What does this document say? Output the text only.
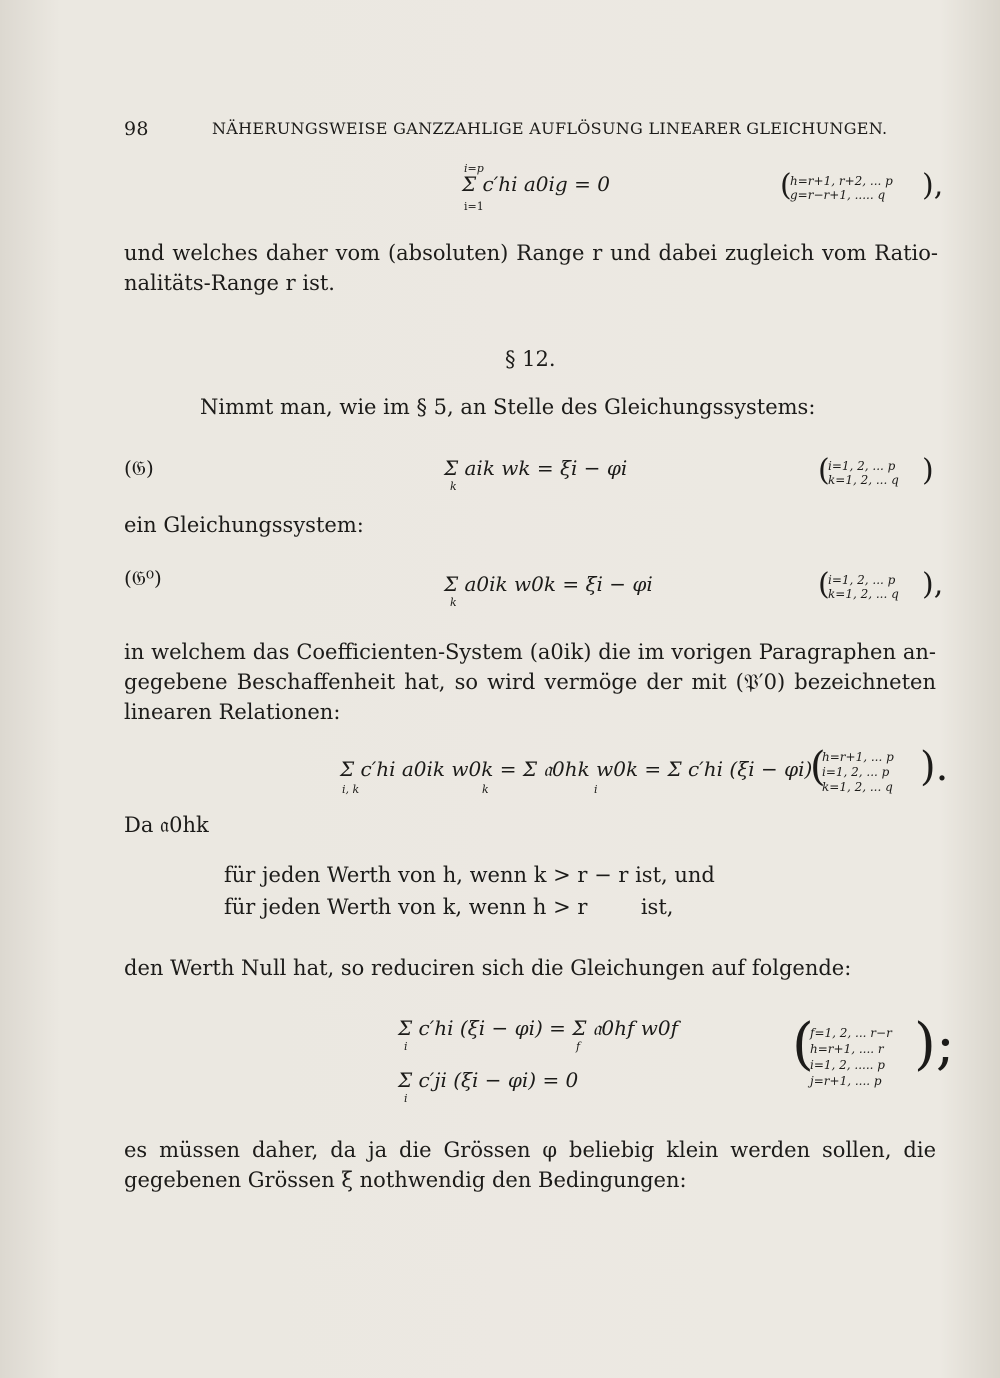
98	NÄHERUNGSWEISE GANZZAHLIGE AUFLÖSUNG LINEARER GLEICHUNGEN.
i=p
Σ c′hi a0ig = 0
i=1
(
h=r+1, r+2, ... p
g=r−r+1, ..... q ),
und welches daher vom (absoluten) Range r und dabei zugleich vom Ratio-
nalitäts-Range r ist.
§ 12.
Nimmt man, wie im § 5, an Stelle des Gleichungssystems:
(𝔊)	Σ aik wk = ξi − φi
k	(
i=1, 2, ... p
k=1, 2, ... q )
ein Gleichungssystem:
(𝔊⁰)	Σ a0ik w0k = ξi − φi
k
(
i=1, 2, ... p
k=1, 2, ... q ),
in welchem das Coefficienten-System (a0ik) die im vorigen Paragraphen an-
gegebene Beschaffenheit hat, so wird vermöge der mit (𝔓′0) bezeichneten
linearen Relationen:
Σ c′hi a0ik w0k = Σ 𝔞0hk w0k = Σ c′hi (ξi − φi)
i, k	k	i	(
h=r+1, ... p
i=1, 2, ... p
k=1, 2, ... q ).
Da 𝔞0hk
für jeden Werth von h, wenn k > r − r ist, und
für jeden Werth von k, wenn h > r        ist,
den Werth Null hat, so reduciren sich die Gleichungen auf folgende:
Σ c′hi (ξi − φi) = Σ 𝔞0hf w0f
i	f
Σ c′ji (ξi − φi) = 0
i
(
f=1, 2, ... r−r
h=r+1, .... r
i=1, 2, ..... p
j=r+1, .... p
);
es müssen daher, da ja die Grössen φ beliebig klein werden sollen, die
gegebenen Grössen ξ nothwendig den Bedingungen:
